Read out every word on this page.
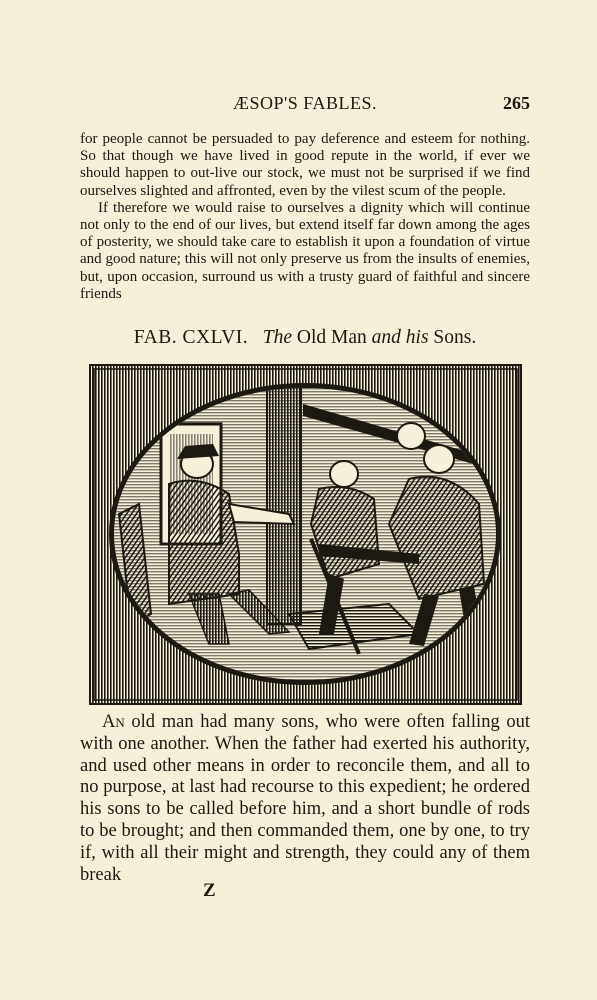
ÆSOP'S FABLES.	265

for people cannot be persuaded to pay deference and esteem for nothing. So that though we have lived in good repute in the world, if ever we should happen to out-live our stock, we must not be surprised if we find ourselves slighted and affronted, even by the vilest scum of the people.

If therefore we would raise to ourselves a dignity which will continue not only to the end of our lives, but extend itself far down among the ages of posterity, we should take care to establish it upon a foundation of virtue and good nature; this will not only preserve us from the insults of enemies, but, upon occasion, surround us with a trusty guard of faithful and sincere friends

FAB. CXLVI. The Old Man and his Sons.

An old man had many sons, who were often falling out with one another. When the father had exerted his authority, and used other means in order to reconcile them, and all to no purpose, at last had recourse to this expedient; he ordered his sons to be called before him, and a short bundle of rods to be brought; and then commanded them, one by one, to try if, with all their might and strength, they could any of them break

Z
